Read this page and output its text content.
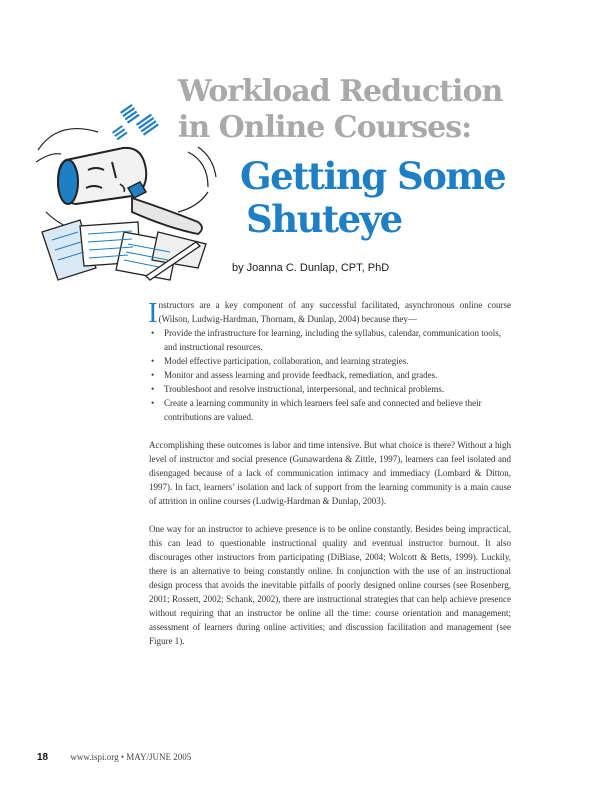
Workload Reduction
in Online Courses:
Getting Some
Shuteye
by Joanna C. Dunlap, CPT, PhD

Instructors are a key component of any successful facilitated, asynchronous online course (Wilson, Ludwig-Hardman, Thornam, & Dunlap, 2004) because they—

• Provide the infrastructure for learning, including the syllabus, calendar, communication tools, and instructional resources.
• Model effective participation, collaboration, and learning strategies.
• Monitor and assess learning and provide feedback, remediation, and grades.
• Troubleshoot and resolve instructional, interpersonal, and technical problems.
• Create a learning community in which learners feel safe and connected and believe their contributions are valued.

Accomplishing these outcomes is labor and time intensive. But what choice is there? Without a high level of instructor and social presence (Gunawardena & Zittle, 1997), learners can feel isolated and disengaged because of a lack of communication intimacy and immediacy (Lombard & Ditton, 1997). In fact, learners’ isolation and lack of support from the learning community is a main cause of attrition in online courses (Ludwig-Hardman & Dunlap, 2003).

One way for an instructor to achieve presence is to be online constantly. Besides being impractical, this can lead to questionable instructional quality and eventual instructor burnout. It also discourages other instructors from participating (DiBiase, 2004; Wolcott & Betts, 1999). Luckily, there is an alternative to being constantly online. In conjunction with the use of an instructional design process that avoids the inevitable pitfalls of poorly designed online courses (see Rosenberg, 2001; Rossett, 2002; Schank, 2002), there are instructional strategies that can help achieve presence without requiring that an instructor be online all the time: course orientation and management; assessment of learners during online activities; and discussion facilitation and management (see Figure 1).

18 www.ispi.org • MAY/JUNE 2005
